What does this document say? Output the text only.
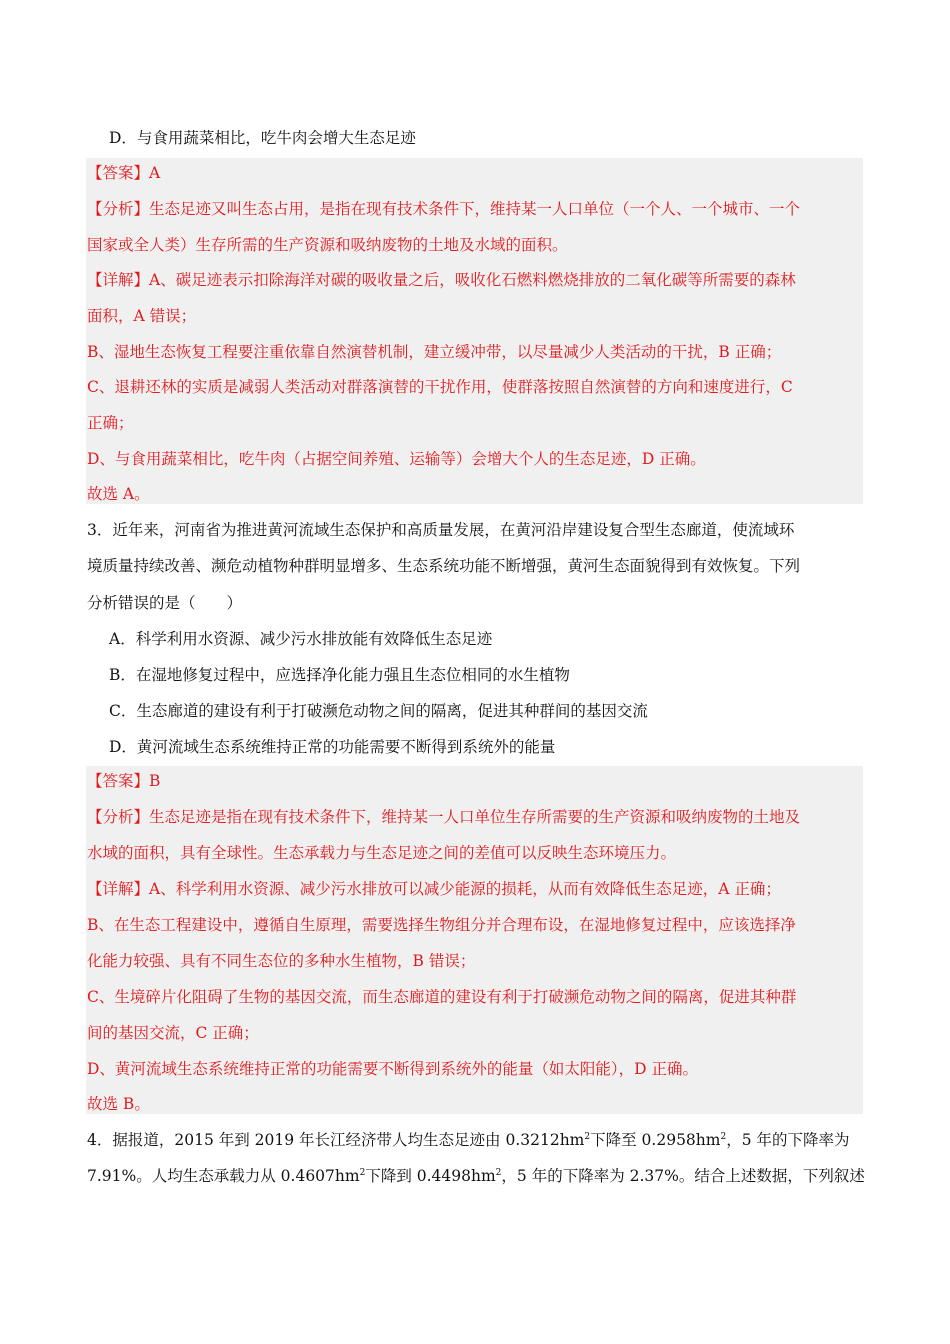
D．与食用蔬菜相比，吃牛肉会增大生态足迹
【答案】A
【分析】生态足迹又叫生态占用，是指在现有技术条件下，维持某一人口单位（一个人、一个城市、一个
国家或全人类）生存所需的生产资源和吸纳废物的土地及水域的面积。
【详解】A、碳足迹表示扣除海洋对碳的吸收量之后，吸收化石燃料燃烧排放的二氧化碳等所需要的森林
面积，A 错误；
B、湿地生态恢复工程要注重依靠自然演替机制，建立缓冲带，以尽量减少人类活动的干扰，B 正确；
C、退耕还林的实质是减弱人类活动对群落演替的干扰作用，使群落按照自然演替的方向和速度进行，C
正确；
D、与食用蔬菜相比，吃牛肉（占据空间养殖、运输等）会增大个人的生态足迹，D 正确。
故选 A。
3．近年来，河南省为推进黄河流域生态保护和高质量发展，在黄河沿岸建设复合型生态廊道，使流域环
境质量持续改善、濒危动植物种群明显增多、生态系统功能不断增强，黄河生态面貌得到有效恢复。下列
分析错误的是（　　）
A．科学利用水资源、减少污水排放能有效降低生态足迹
B．在湿地修复过程中，应选择净化能力强且生态位相同的水生植物
C．生态廊道的建设有利于打破濒危动物之间的隔离，促进其种群间的基因交流
D．黄河流域生态系统维持正常的功能需要不断得到系统外的能量
【答案】B
【分析】生态足迹是指在现有技术条件下，维持某一人口单位生存所需要的生产资源和吸纳废物的土地及
水域的面积，具有全球性。生态承载力与生态足迹之间的差值可以反映生态环境压力。
【详解】A、科学利用水资源、减少污水排放可以减少能源的损耗，从而有效降低生态足迹，A 正确；
B、在生态工程建设中，遵循自生原理，需要选择生物组分并合理布设，在湿地修复过程中，应该选择净
化能力较强、具有不同生态位的多种水生植物，B 错误；
C、生境碎片化阻碍了生物的基因交流，而生态廊道的建设有利于打破濒危动物之间的隔离，促进其种群
间的基因交流，C 正确；
D、黄河流域生态系统维持正常的功能需要不断得到系统外的能量（如太阳能），D 正确。
故选 B。
4．据报道，2015 年到 2019 年长江经济带人均生态足迹由 $0.3212hm^2$下降至 $0.2958hm^2$，5 年的下降率为
7.91%。人均生态承载力从 $0.4607hm^2$下降到 $0.4498hm^2$，5 年的下降率为 2.37%。结合上述数据，下列叙述
